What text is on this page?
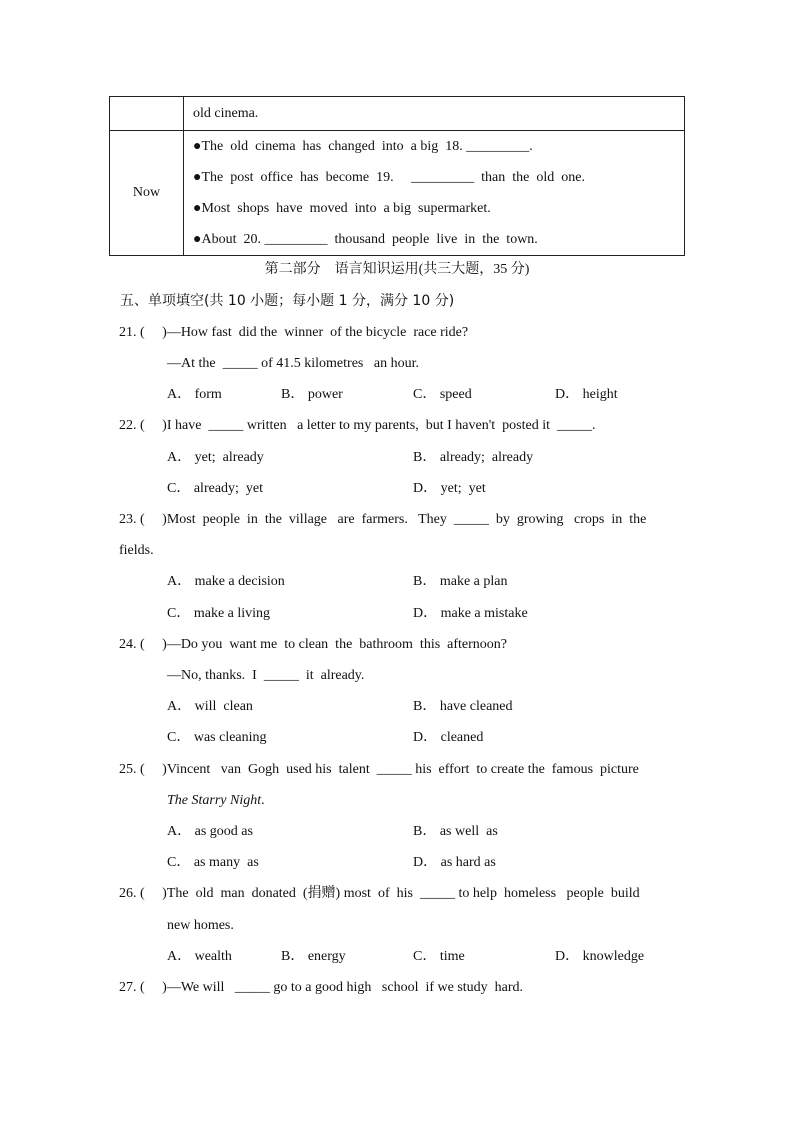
	old cinema.
Now	●The  old  cinema  has  changed  into  a big  18. _________.
●The  post  office  has  become  19.     _________  than  the  old  one.
●Most  shops  have  moved  into  a big  supermarket.
●About  20. _________  thousand  people  live  in  the  town.
第二部分    语言知识运用(共三大题，35 分)
五、单项填空(共 10 小题；每小题 1 分，满分 10 分)
21. (     )—How fast  did the  winner  of the bicycle  race ride?
—At the  _____ of 41.5 kilometres   an hour.
A． form	B． power	C． speed	D． height
22. (     )I have  _____ written   a letter to my parents,  but I haven't  posted it  _____.
A． yet;  already	B． already;  already
C． already;  yet	D． yet;  yet
23. (     )Most  people  in  the  village   are  farmers.   They  _____  by  growing   crops  in  the
fields.
A． make a decision	B． make a plan
C． make a living	D． make a mistake
24. (     )—Do you  want me  to clean  the  bathroom  this  afternoon?
—No, thanks.  I  _____  it  already.
A． will  clean	B． have cleaned
C． was cleaning	D． cleaned
25. (     )Vincent   van  Gogh  used his  talent  _____ his  effort  to create the  famous  picture
The Starry Night.
A． as good as	B． as well  as
C． as many  as	D． as hard as
26. (     )The  old  man  donated  (捐赠) most  of  his  _____ to help  homeless   people  build
new homes.
A． wealth	B． energy	C． time	D． knowledge
27. (     )—We will   _____ go to a good high   school  if we study  hard.
